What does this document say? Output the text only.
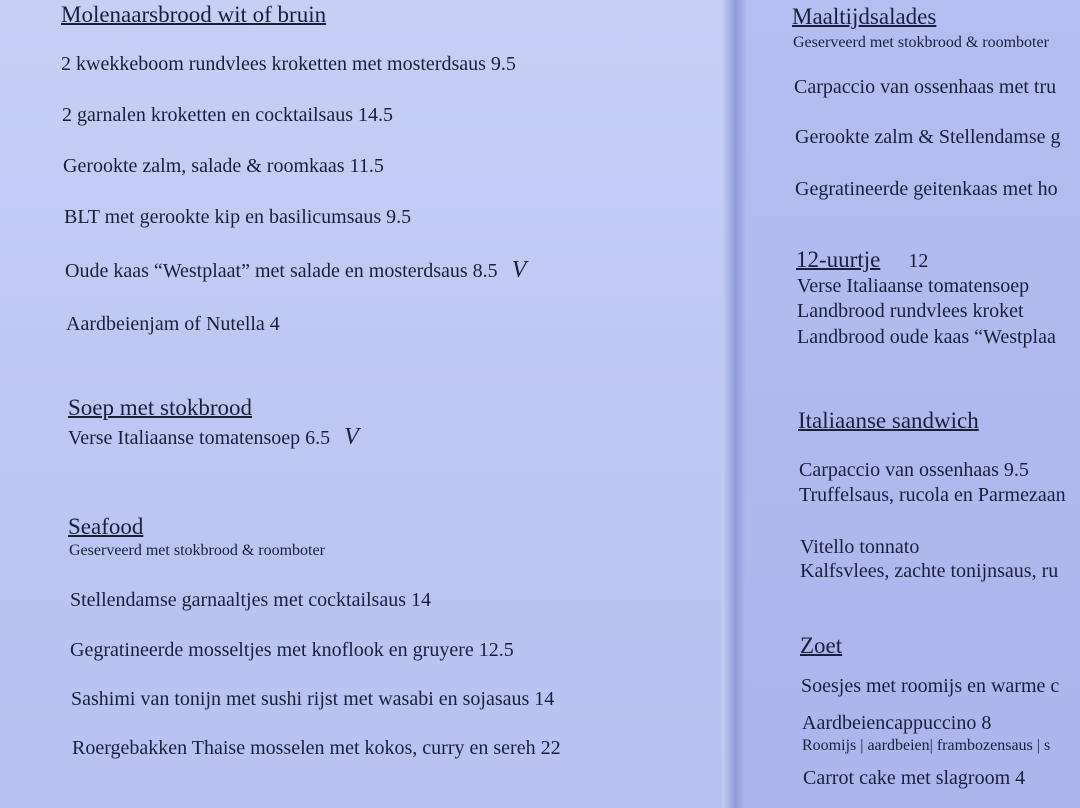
Molenaarsbrood wit of bruin
2 kwekkeboom rundvlees kroketten met mosterdsaus 9.5
2 garnalen kroketten en cocktailsaus 14.5
Gerookte zalm, salade & roomkaas 11.5
BLT met gerookte kip en basilicumsaus 9.5
Oude kaas “Westplaat” met salade en mosterdsaus 8.5 V
Aardbeienjam of Nutella 4
Soep met stokbrood
Verse Italiaanse tomatensoep 6.5 V
Seafood
Geserveerd met stokbrood & roomboter
Stellendamse garnaaltjes met cocktailsaus 14
Gegratineerde mosseltjes met knoflook en gruyere 12.5
Sashimi van tonijn met sushi rijst met wasabi en sojasaus 14
Roergebakken Thaise mosselen met kokos, curry en sereh 22
Maaltijdsalades
Geserveerd met stokbrood & roomboter
Carpaccio van ossenhaas met tru
Gerookte zalm & Stellendamse g
Gegratineerde geitenkaas met ho
12-uurtje 12
Verse Italiaanse tomatensoep
Landbrood rundvlees kroket
Landbrood oude kaas “Westplaa
Italiaanse sandwich
Carpaccio van ossenhaas 9.5
Truffelsaus, rucola en Parmezaan
Vitello tonnato
Kalfsvlees, zachte tonijnsaus, ru
Zoet
Soesjes met roomijs en warme c
Aardbeiencappuccino 8
Roomijs | aardbeien| frambozensaus | s
Carrot cake met slagroom 4
